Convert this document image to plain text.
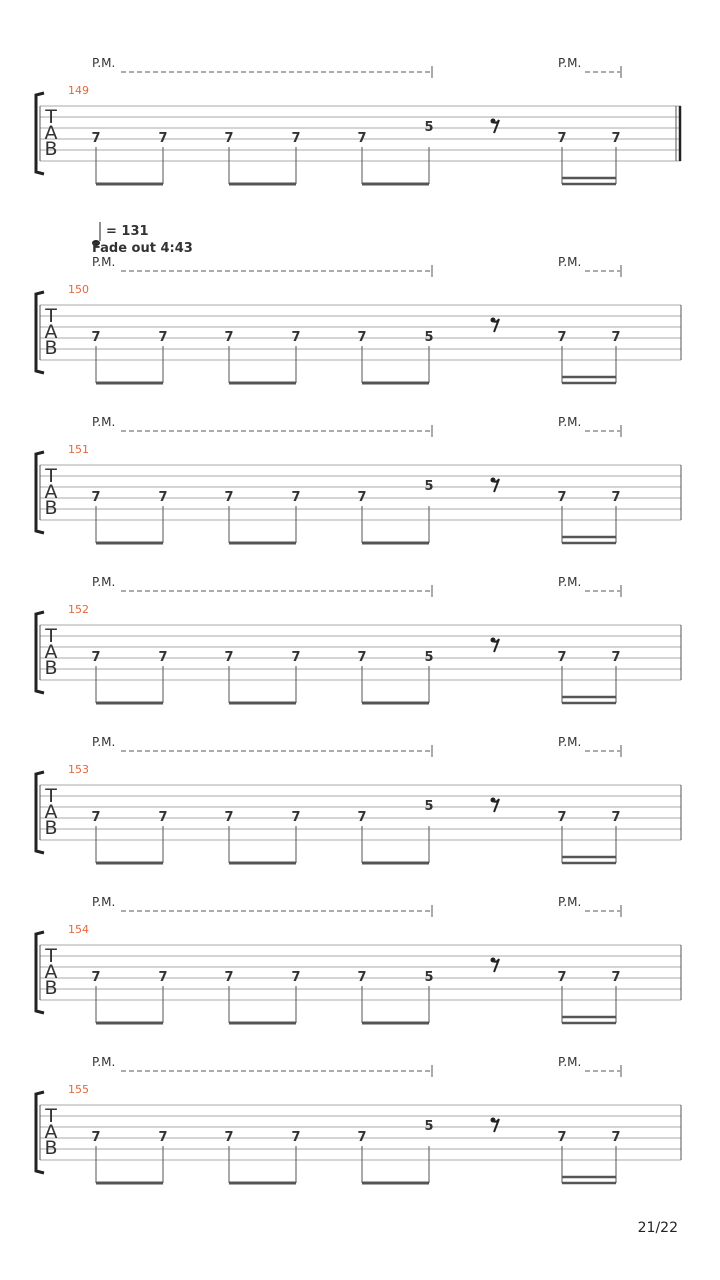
T
A
B
149
P.M.	P.M.
7	7	7	7	7
5
7	7
T
A
B
150
P.M.	P.M.
7	7	7	7	7	5	7	7
T
A
B
151
P.M.	P.M.
7	7	7	7	7
5
7	7
T
A
B
152
P.M.	P.M.
7	7	7	7	7	5	7	7
T
A
B
153
P.M.	P.M.
7	7	7	7	7
5
7	7
T
A
B
154
P.M.	P.M.
7	7	7	7	7	5	7	7
T
A
B
155
P.M.	P.M.
7	7	7	7	7
5
7	7
= 131
Fade out 4:43
21/22
